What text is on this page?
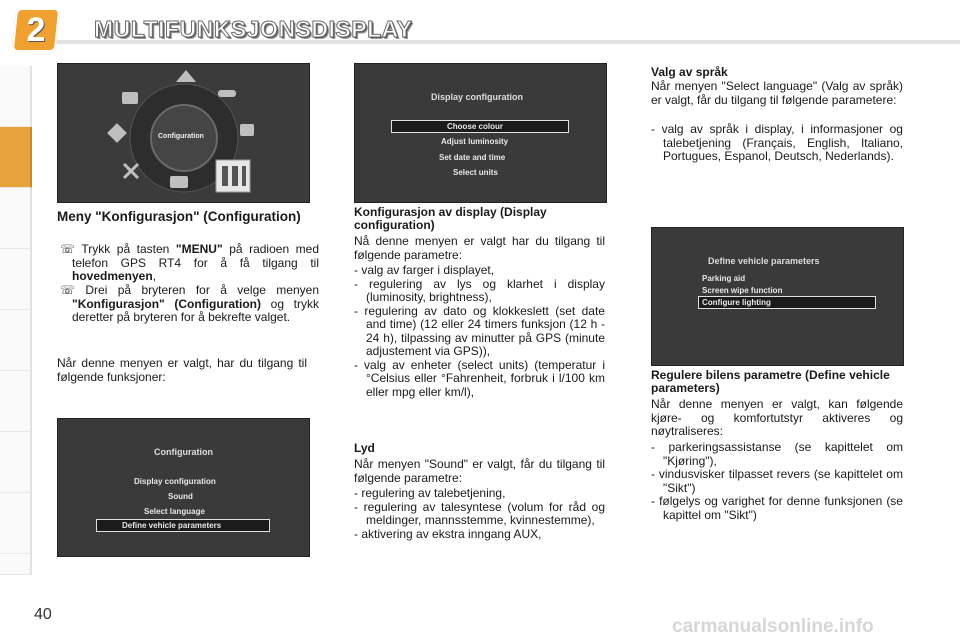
2	MULTIFUNKSJONSDISPLAY
Configuration
Meny "Konfigurasjon" (Configuration)
☏ Trykk på tasten "MENU" på radioen med telefon GPS RT4 for å få tilgang til hovedmenyen,
☏ Drei på bryteren for å velge menyen "Konfigurasjon" (Configuration) og trykk deretter på bryteren for å bekrefte valget.
Når denne menyen er valgt, har du tilgang til følgende funksjoner:
Configuration
Display configuration
Sound
Select language
Define vehicle parameters
Display configuration
Choose colour
Adjust luminosity
Set date and time
Select units
Konfigurasjon av display (Display configuration)
Nå denne menyen er valgt har du tilgang til følgende parametre:
- valg av farger i displayet,
- regulering av lys og klarhet i display (luminosity, brightness),
- regulering av dato og klokkeslett (set date and time) (12 eller 24 timers funksjon (12 h - 24 h), tilpassing av minutter på GPS (minute adjustement via GPS)),
- valg av enheter (select units) (temperatur i °Celsius eller °Fahrenheit, forbruk i l/100 km eller mpg eller km/l),
Lyd
Når menyen "Sound" er valgt, får du tilgang til følgende parametre:
- regulering av talebetjening,
- regulering av talesyntese (volum for råd og meldinger, mannsstemme, kvinnestemme),
- aktivering av ekstra inngang AUX,
Valg av språk
Når menyen "Select language" (Valg av språk) er valgt, får du tilgang til følgende parametere:
- valg av språk i display, i informasjoner og talebetjening (Français, English, Italiano, Portugues, Espanol, Deutsch, Nederlands).
Define vehicle parameters
Parking aid
Screen wipe function
Configure lighting
Regulere bilens parametre (Define vehicle parameters)
Når denne menyen er valgt, kan følgende kjøre- og komfortutstyr aktiveres og nøytraliseres:
- parkeringsassistanse (se kapittelet om "Kjøring"),
- vindusvisker tilpasset revers (se kapittelet om "Sikt")
- følgelys og varighet for denne funksjonen (se kapittel om "Sikt")
40
carmanualsonline.info
